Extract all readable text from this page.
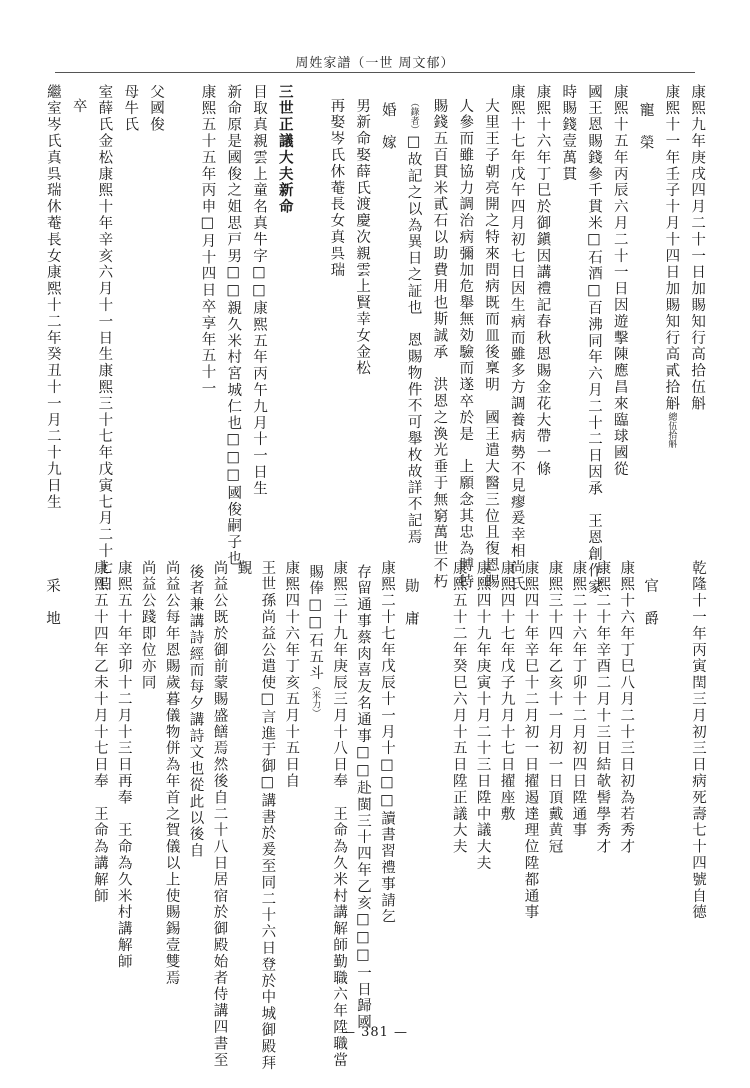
周姓家譜（一世 周文郁）
康熙九年庚戌四月二十一日加賜知行高拾伍斛
康熙十一年壬子十月十四日加賜知行高貳拾斛總伍拾斛
寵　榮
康熙十五年丙辰六月二十一日因遊擊陳應昌來臨球國從
國王恩賜錢參千貫米□石酒□百沸同年六月二十二日因承　王恩創作家
時賜錢壹萬貫
康熙十六年丁巳於御鎭因講禮記春秋恩賜金花大帶一條
康熙十七年戊午四月初七日因生病而雖多方調養病勢不見瘳爰幸相尚氏
大里王子朝亮開之特來問病既而皿後稟明　國王遣大醫三位且復恩賜
人參而雖協力調治病彌加危舉無効驗而遂卒於是　上願念其忠為賻特
賜錢五百貫米貳石以助費用也斯誠承　洪恩之渙光垂于無窮萬世不朽
（錄者）□故記之以為異日之証也　恩賜物件不可舉枚故詳不記焉
婚　嫁
男新命娶薛氏渡慶次親雲上賢幸女金松
再娶岑氏休菴長女真呉瑞
三世正議大夫新命
目取真親雲上童名真牛字□□康熙五年丙午九月十一日生
新命原是國俊之姐思戸男□□親久米村宮城仁也□□□國俊嗣子也
康熙五十五年丙申□月十四日卒享年五十一
父國俊
母牛氏
室薛氏金松康熙十年辛亥六月十一日生康熙三十七年戊寅七月二十七日
卒
繼室岑氏真呉瑞休菴長女康熙十二年癸丑十一月二十九日生
乾隆十一年丙寅閏三月初三日病死壽七十四號自德
官　爵
康熙十六年丁巳八月二十三日初為若秀才
康熙二十年辛酉二月十三日結欹髻學秀才
康熙二十六年丁卯十二月初四日陞通事
康熙三十四年乙亥十一月初一日頂戴黄冠
康熙四十年辛巳十二月初一日擢遏達理位陞都通事
康熙四十七年戊子九月十七日擢座敷
康熙四十九年庚寅十月二十三日陞中議大夫
康熙五十二年癸巳六月十五日陞正議大夫
勛　庸
康熙二十七年戊辰十一月十□□□讀書習禮事請乞
存留通事蔡肉喜友名通事□□赴閩三十四年乙亥□□□一日歸國
康熙三十九年庚辰三月十八日奉　王命為久米村講解師勤職六年陞職當
賜俸□□石五斗（米力）
康熙四十六年丁亥五月十五日自
王世孫尚益公遣使□言進于御□講書於爰至同二十六日登於中城御殿拜
覲
尚益公既於御前蒙賜盛饍焉然後自二十八日居宿於御殿始者侍講四書至
後者兼講詩經而每夕講詩文也從此以後自
尚益公每年恩賜歲暮儀物併為年首之賀儀以上使賜錫壹雙焉
尚益公踐即位亦同
康熙五十年辛卯十二月十三日再奉　王命為久米村講解師
康熙五十四年乙未十月十七日奉　王命為講解師
采　地
— 381 —
